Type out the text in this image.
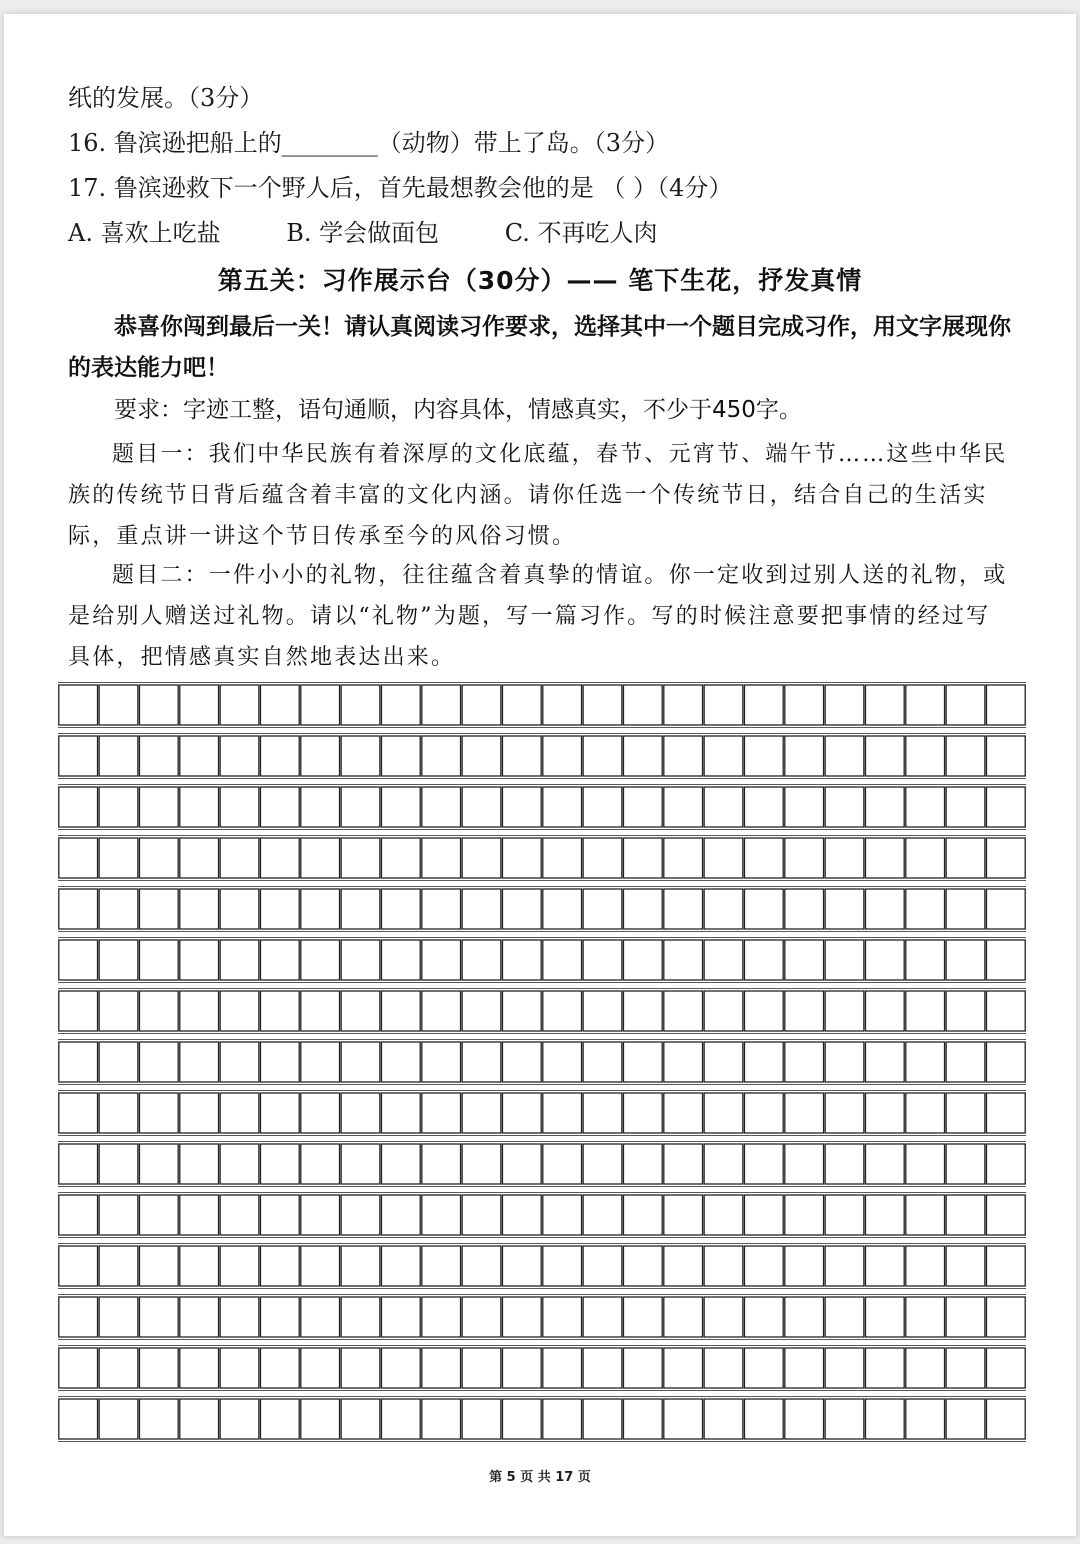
纸的发展。（3分）
16. 鲁滨逊把船上的________（动物）带上了岛。（3分）
17. 鲁滨逊救下一个野人后，首先最想教会他的是 （ ）（4分）
A. 喜欢上吃盐	B. 学会做面包	C. 不再吃人肉
第五关：习作展示台（30分）—— 笔下生花，抒发真情
恭喜你闯到最后一关！请认真阅读习作要求，选择其中一个题目完成习作，用文字展现你的表达能力吧！
要求：字迹工整，语句通顺，内容具体，情感真实，不少于450字。
题目一：我们中华民族有着深厚的文化底蕴，春节、元宵节、端午节……这些中华民族的传统节日背后蕴含着丰富的文化内涵。请你任选一个传统节日，结合自己的生活实际，重点讲一讲这个节日传承至今的风俗习惯。
题目二：一件小小的礼物，往往蕴含着真挚的情谊。你一定收到过别人送的礼物，或是给别人赠送过礼物。请以“礼物”为题，写一篇习作。写的时候注意要把事情的经过写具体，把情感真实自然地表达出来。
第 5 页 共 17 页
